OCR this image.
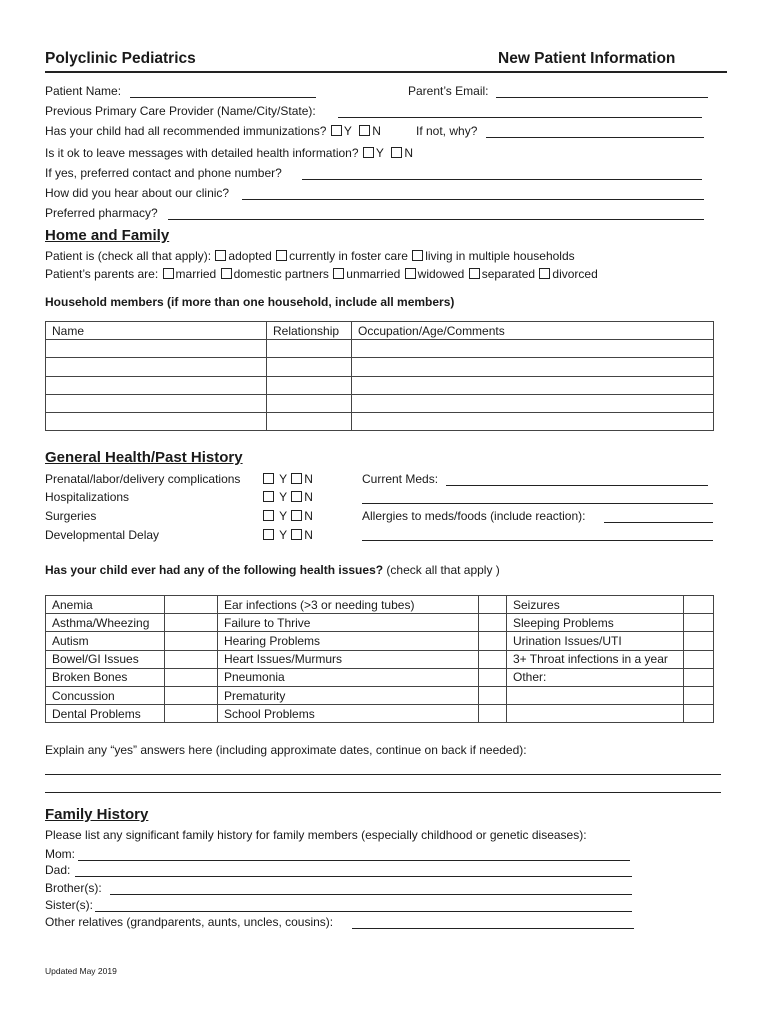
Polyclinic Pediatrics	New Patient Information
Patient Name:	Parent’s Email:
Previous Primary Care Provider (Name/City/State):
Has your child had all recommended immunizations? Y N	If not, why?
Is it ok to leave messages with detailed health information? Y N
If yes, preferred contact and phone number?
How did you hear about our clinic?
Preferred pharmacy?
Home and Family
Patient is (check all that apply): adopted currently in foster care living in multiple households
Patient’s parents are: married domestic partners unmarried widowed separated divorced
Household members (if more than one household, include all members)
Name	Relationship	Occupation/Age/Comments

General Health/Past History
Prenatal/labor/delivery complications	Y N
Hospitalizations	Y N
Surgeries	Y N
Developmental Delay	Y N
Current Meds:
Allergies to meds/foods (include reaction):
Has your child ever had any of the following health issues? (check all that apply )
Anemia		Ear infections (>3 or needing tubes)		Seizures	
Asthma/Wheezing		Failure to Thrive		Sleeping Problems	
Autism		Hearing Problems		Urination Issues/UTI	
Bowel/GI Issues		Heart Issues/Murmurs		3+ Throat infections in a year	
Broken Bones		Pneumonia		Other:	
Concussion		Prematurity			
Dental Problems		School Problems			
Explain any “yes” answers here (including approximate dates, continue on back if needed):
Family History
Please list any significant family history for family members (especially childhood or genetic diseases):
Mom:
Dad:
Brother(s):
Sister(s):
Other relatives (grandparents, aunts, uncles, cousins):
Updated May 2019
